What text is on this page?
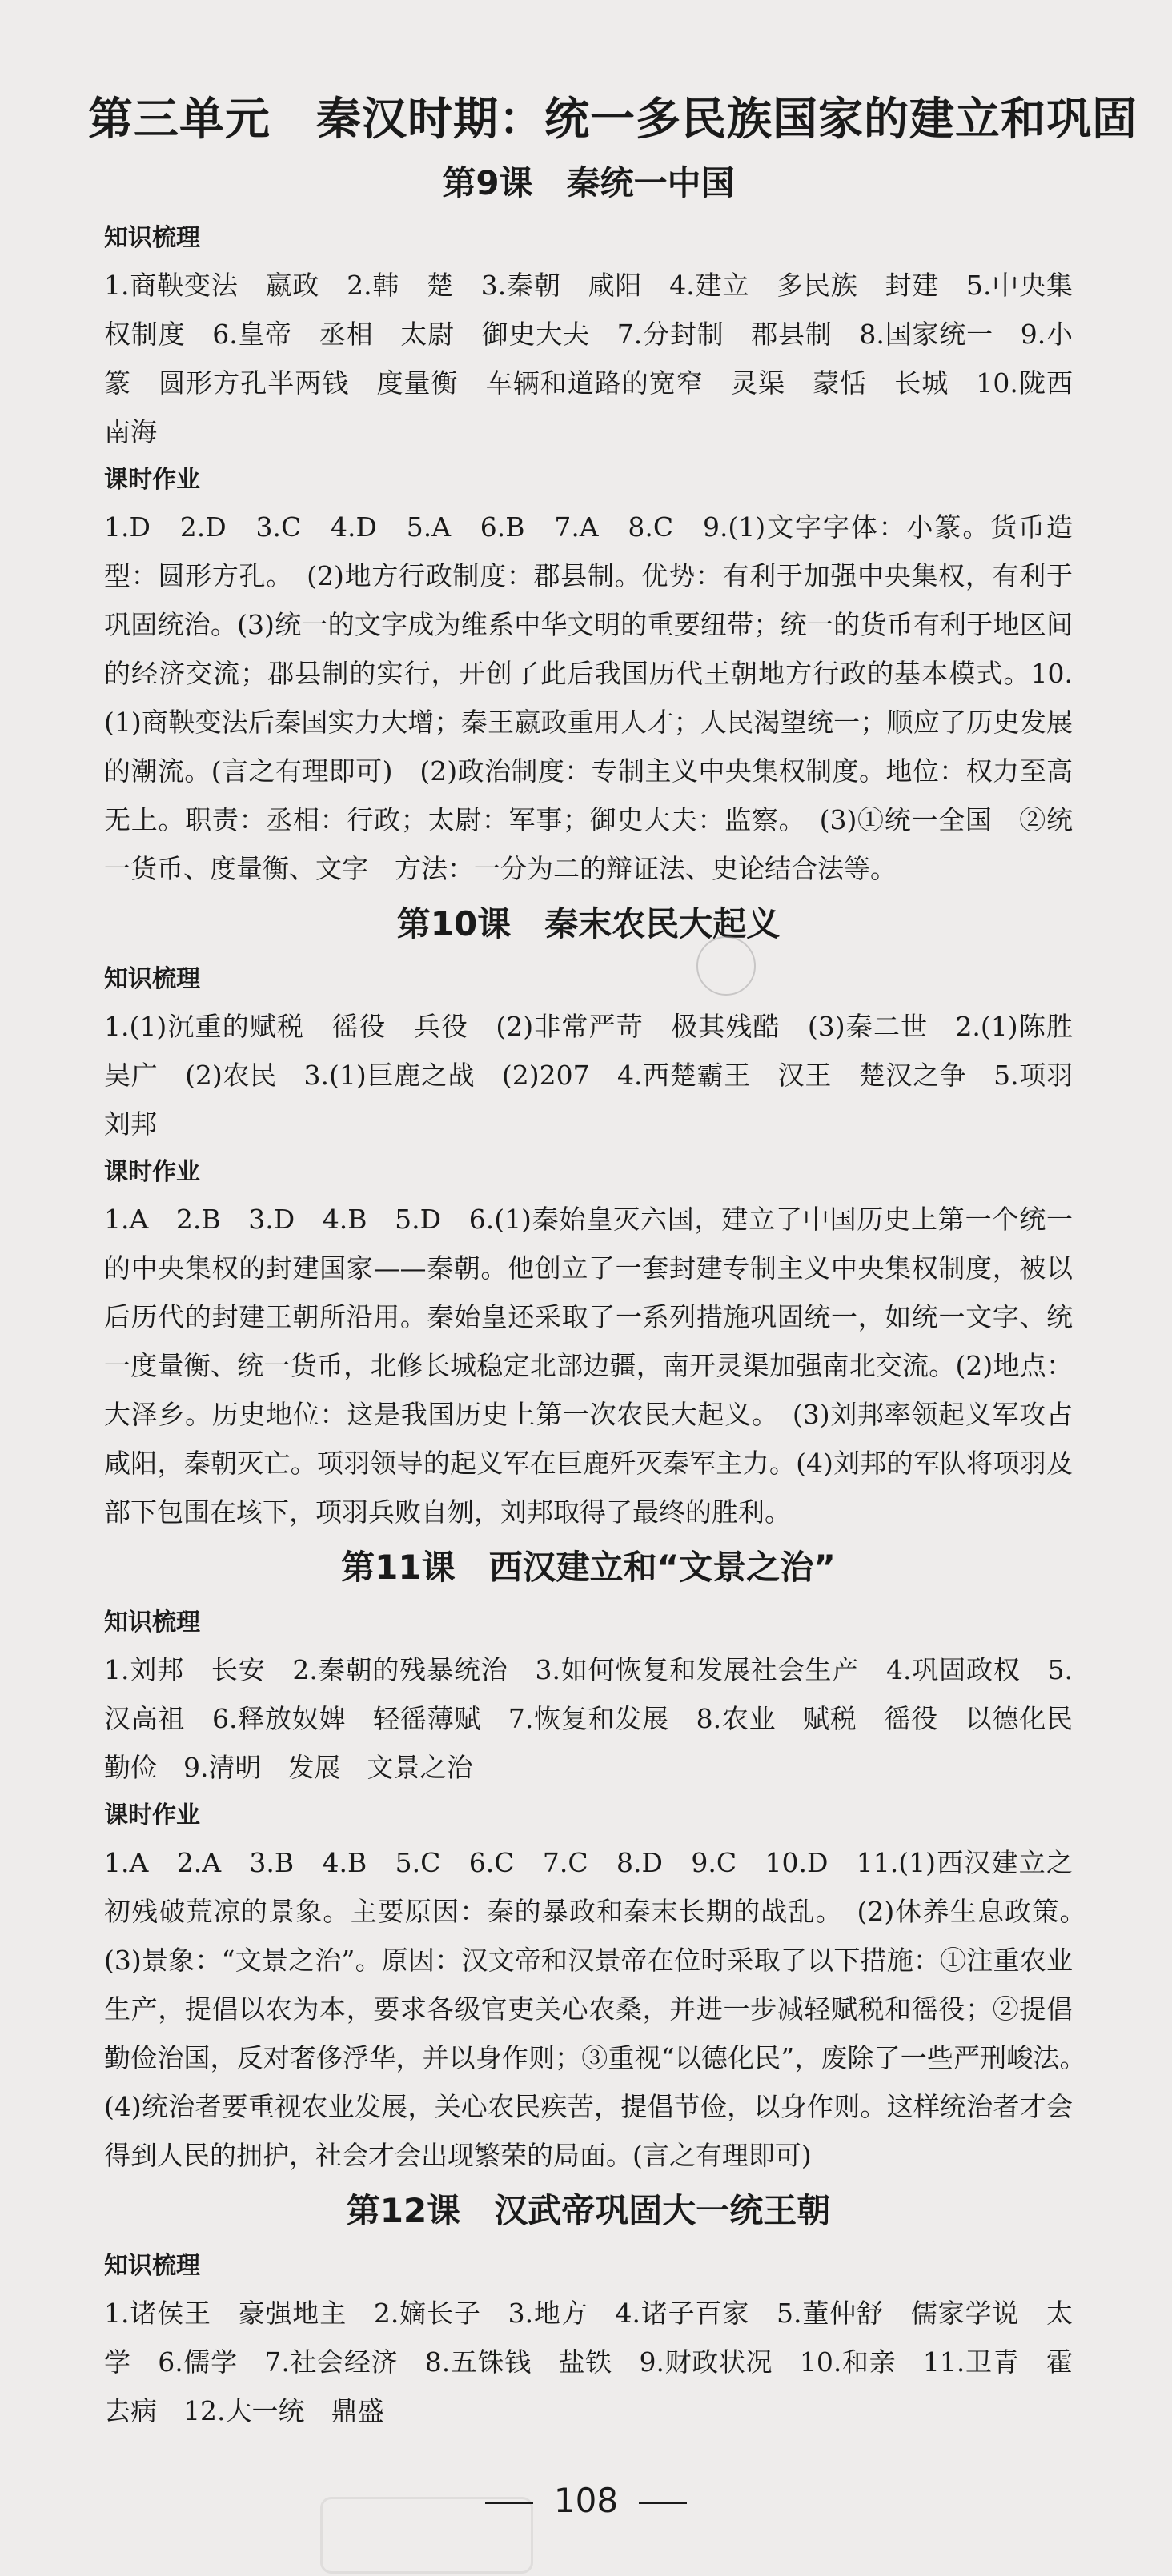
第三单元　秦汉时期：统一多民族国家的建立和巩固
第9课　秦统一中国
知识梳理

1.商鞅变法　嬴政　2.韩　楚　3.秦朝　咸阳　4.建立　多民族　封建　5.中央集权制度　6.皇帝　丞相　太尉　御史大夫　7.分封制　郡县制　8.国家统一　9.小篆　圆形方孔半两钱　度量衡　车辆和道路的宽窄　灵渠　蒙恬　长城　10.陇西　南海

课时作业

1.D　2.D　3.C　4.D　5.A　6.B　7.A　8.C　9.(1)文字字体：小篆。货币造型：圆形方孔。　(2)地方行政制度：郡县制。优势：有利于加强中央集权，有利于巩固统治。(3)统一的文字成为维系中华文明的重要纽带；统一的货币有利于地区间的经济交流；郡县制的实行，开创了此后我国历代王朝地方行政的基本模式。10.(1)商鞅变法后秦国实力大增；秦王嬴政重用人才；人民渴望统一；顺应了历史发展的潮流。(言之有理即可)　(2)政治制度：专制主义中央集权制度。地位：权力至高无上。职责：丞相：行政；太尉：军事；御史大夫：监察。　(3)①统一全国　②统一货币、度量衡、文字　方法：一分为二的辩证法、史论结合法等。

第10课　秦末农民大起义
知识梳理

1.(1)沉重的赋税　徭役　兵役　(2)非常严苛　极其残酷　(3)秦二世　2.(1)陈胜　吴广　(2)农民　3.(1)巨鹿之战　(2)207　4.西楚霸王　汉王　楚汉之争　5.项羽　刘邦

课时作业

1.A　2.B　3.D　4.B　5.D　6.(1)秦始皇灭六国，建立了中国历史上第一个统一的中央集权的封建国家——秦朝。他创立了一套封建专制主义中央集权制度，被以后历代的封建王朝所沿用。秦始皇还采取了一系列措施巩固统一，如统一文字、统一度量衡、统一货币，北修长城稳定北部边疆，南开灵渠加强南北交流。(2)地点：大泽乡。历史地位：这是我国历史上第一次农民大起义。　(3)刘邦率领起义军攻占咸阳，秦朝灭亡。项羽领导的起义军在巨鹿歼灭秦军主力。(4)刘邦的军队将项羽及部下包围在垓下，项羽兵败自刎，刘邦取得了最终的胜利。

第11课　西汉建立和“文景之治”
知识梳理

1.刘邦　长安　2.秦朝的残暴统治　3.如何恢复和发展社会生产　4.巩固政权　5.汉高祖　6.释放奴婢　轻徭薄赋　7.恢复和发展　8.农业　赋税　徭役　以德化民　勤俭　9.清明　发展　文景之治

课时作业

1.A　2.A　3.B　4.B　5.C　6.C　7.C　8.D　9.C　10.D　11.(1)西汉建立之初残破荒凉的景象。主要原因：秦的暴政和秦末长期的战乱。　(2)休养生息政策。　(3)景象：“文景之治”。原因：汉文帝和汉景帝在位时采取了以下措施：①注重农业生产，提倡以农为本，要求各级官吏关心农桑，并进一步减轻赋税和徭役；②提倡勤俭治国，反对奢侈浮华，并以身作则；③重视“以德化民”，废除了一些严刑峻法。　(4)统治者要重视农业发展，关心农民疾苦，提倡节俭，以身作则。这样统治者才会得到人民的拥护，社会才会出现繁荣的局面。(言之有理即可)

第12课　汉武帝巩固大一统王朝
知识梳理

1.诸侯王　豪强地主　2.嫡长子　3.地方　4.诸子百家　5.董仲舒　儒家学说　太学　6.儒学　7.社会经济　8.五铢钱　盐铁　9.财政状况　10.和亲　11.卫青　霍去病　12.大一统　鼎盛

108
